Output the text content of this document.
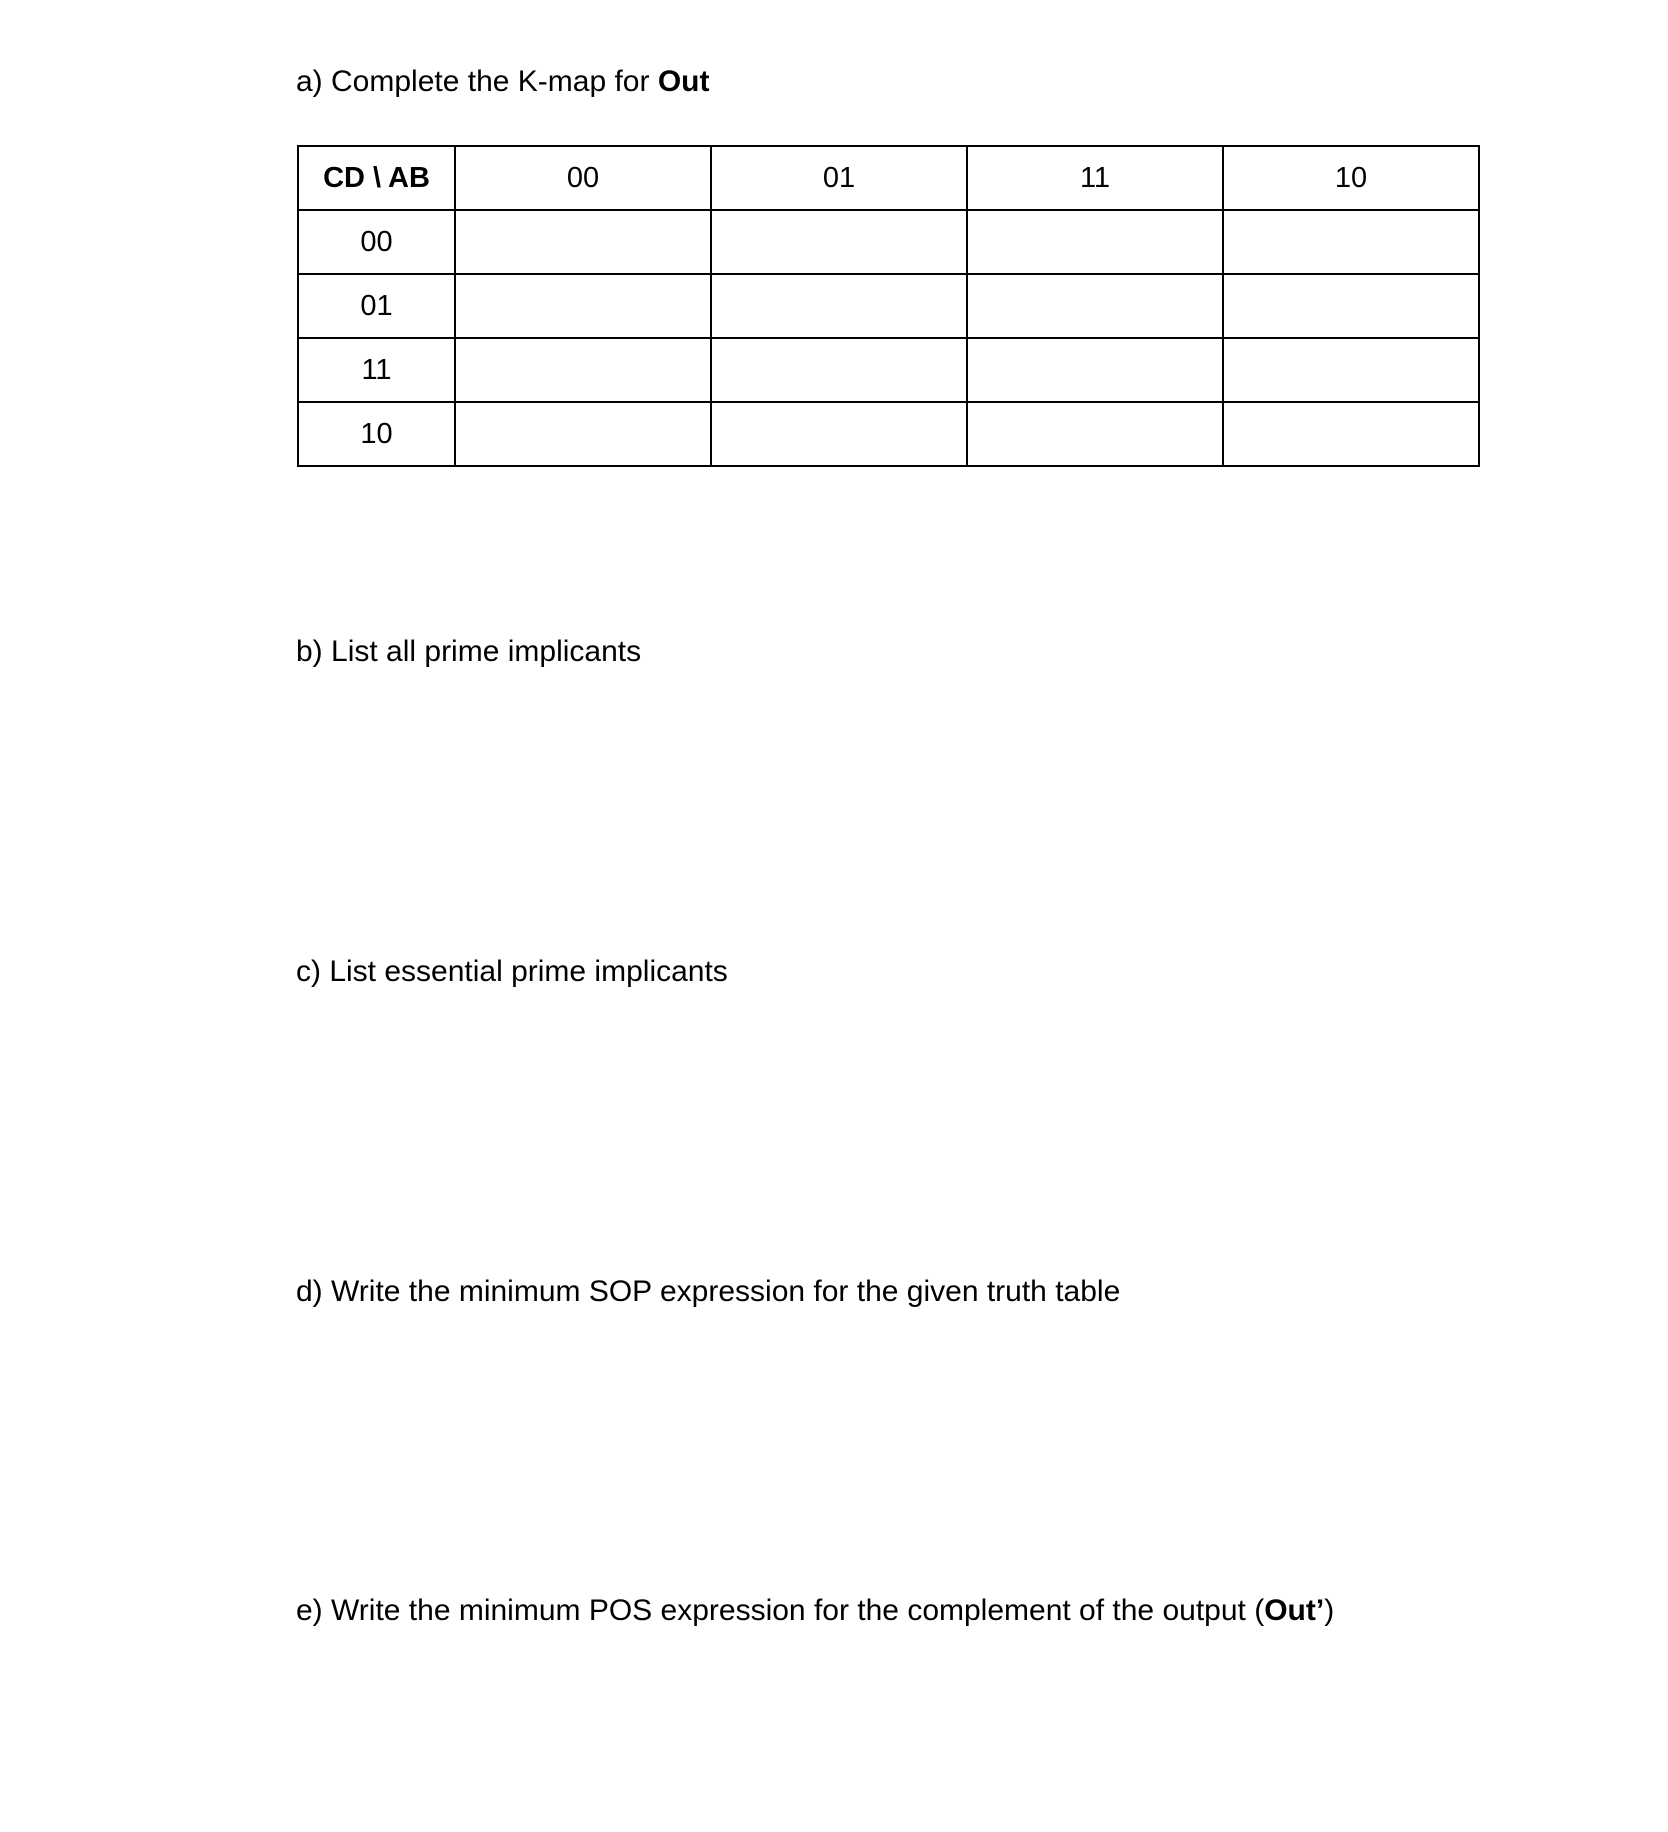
a) Complete the K-map for Out

CD \ AB	00	01	11	10
00				
01				
11				
10				

b) List all prime implicants

c) List essential prime implicants

d) Write the minimum SOP expression for the given truth table

e) Write the minimum POS expression for the complement of the output (Out’)
